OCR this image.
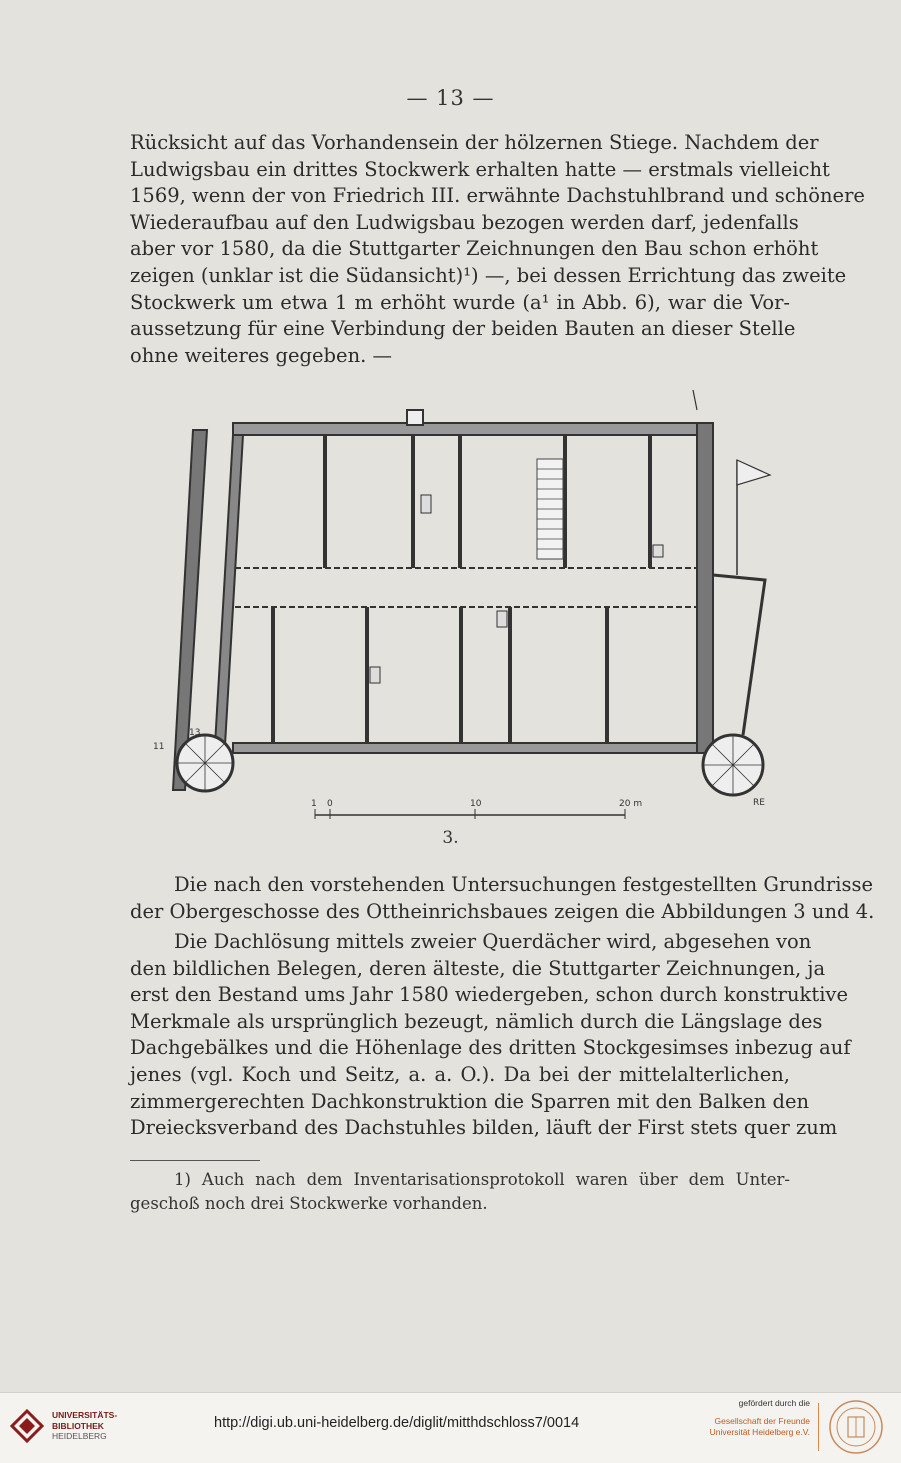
— 13 —
Rücksicht auf das Vorhandensein der hölzernen Stiege. Nachdem der
Ludwigsbau ein drittes Stockwerk erhalten hatte — erstmals vielleicht
1569, wenn der von Friedrich III. erwähnte Dachstuhlbrand und schönere
Wiederaufbau auf den Ludwigsbau bezogen werden darf, jedenfalls
aber vor 1580, da die Stuttgarter Zeichnungen den Bau schon erhöht
zeigen (unklar ist die Südansicht)¹) —, bei dessen Errichtung das zweite
Stockwerk um etwa 1 m erhöht wurde (a¹ in Abb. 6), war die Vor-
aussetzung für eine Verbindung der beiden Bauten an dieser Stelle
ohne weiteres gegeben. —
1 0	10	20 m	RE
11
13
3.
Die nach den vorstehenden Untersuchungen festgestellten Grundrisse
der Obergeschosse des Ottheinrichsbaues zeigen die Abbildungen 3 und 4.
Die Dachlösung mittels zweier Querdächer wird, abgesehen von
den bildlichen Belegen, deren älteste, die Stuttgarter Zeichnungen, ja
erst den Bestand ums Jahr 1580 wiedergeben, schon durch konstruktive
Merkmale als ursprünglich bezeugt, nämlich durch die Längslage des
Dachgebälkes und die Höhenlage des dritten Stockgesimses inbezug auf
jenes (vgl. Koch und Seitz, a. a. O.). Da bei der mittelalterlichen,
zimmergerechten Dachkonstruktion die Sparren mit den Balken den
Dreiecksverband des Dachstuhles bilden, läuft der First stets quer zum
1) Auch nach dem Inventarisationsprotokoll waren über dem Unter-
geschoß noch drei Stockwerke vorhanden.
UNIVERSITÄTS-
BIBLIOTHEK
HEIDELBERG
http://digi.ub.uni-heidelberg.de/diglit/mitthdschloss7/0014
gefördert durch die
Gesellschaft der Freunde
Universität Heidelberg e.V.
